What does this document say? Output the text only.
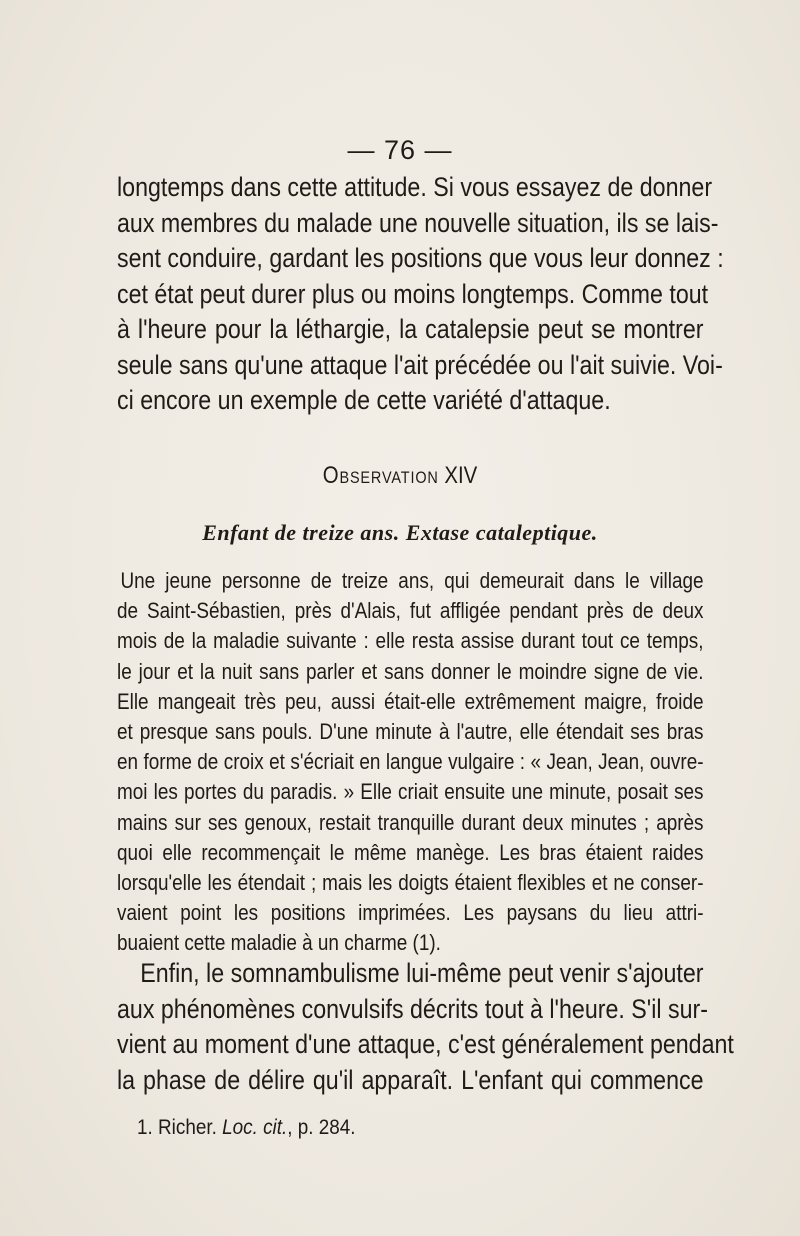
— 76 —
longtemps dans cette attitude. Si vous essayez de donner
aux membres du malade une nouvelle situation, ils se lais-
sent conduire, gardant les positions que vous leur donnez :
cet état peut durer plus ou moins longtemps. Comme tout
à l'heure pour la léthargie, la catalepsie peut se montrer
seule sans qu'une attaque l'ait précédée ou l'ait suivie. Voi-
ci encore un exemple de cette variété d'attaque.
Observation XIV
Enfant de treize ans. Extase cataleptique.
Une jeune personne de treize ans, qui demeurait dans le village
de Saint-Sébastien, près d'Alais, fut affligée pendant près de deux
mois de la maladie suivante : elle resta assise durant tout ce temps,
le jour et la nuit sans parler et sans donner le moindre signe de vie.
Elle mangeait très peu, aussi était-elle extrêmement maigre, froide
et presque sans pouls. D'une minute à l'autre, elle étendait ses bras
en forme de croix et s'écriait en langue vulgaire : « Jean, Jean, ouvre-
moi les portes du paradis. » Elle criait ensuite une minute, posait ses
mains sur ses genoux, restait tranquille durant deux minutes ; après
quoi elle recommençait le même manège. Les bras étaient raides
lorsqu'elle les étendait ; mais les doigts étaient flexibles et ne conser-
vaient point les positions imprimées. Les paysans du lieu attri-
buaient cette maladie à un charme (1).
Enfin, le somnambulisme lui-même peut venir s'ajouter
aux phénomènes convulsifs décrits tout à l'heure. S'il sur-
vient au moment d'une attaque, c'est généralement pendant
la phase de délire qu'il apparaît. L'enfant qui commence
1. Richer. Loc. cit., p. 284.
